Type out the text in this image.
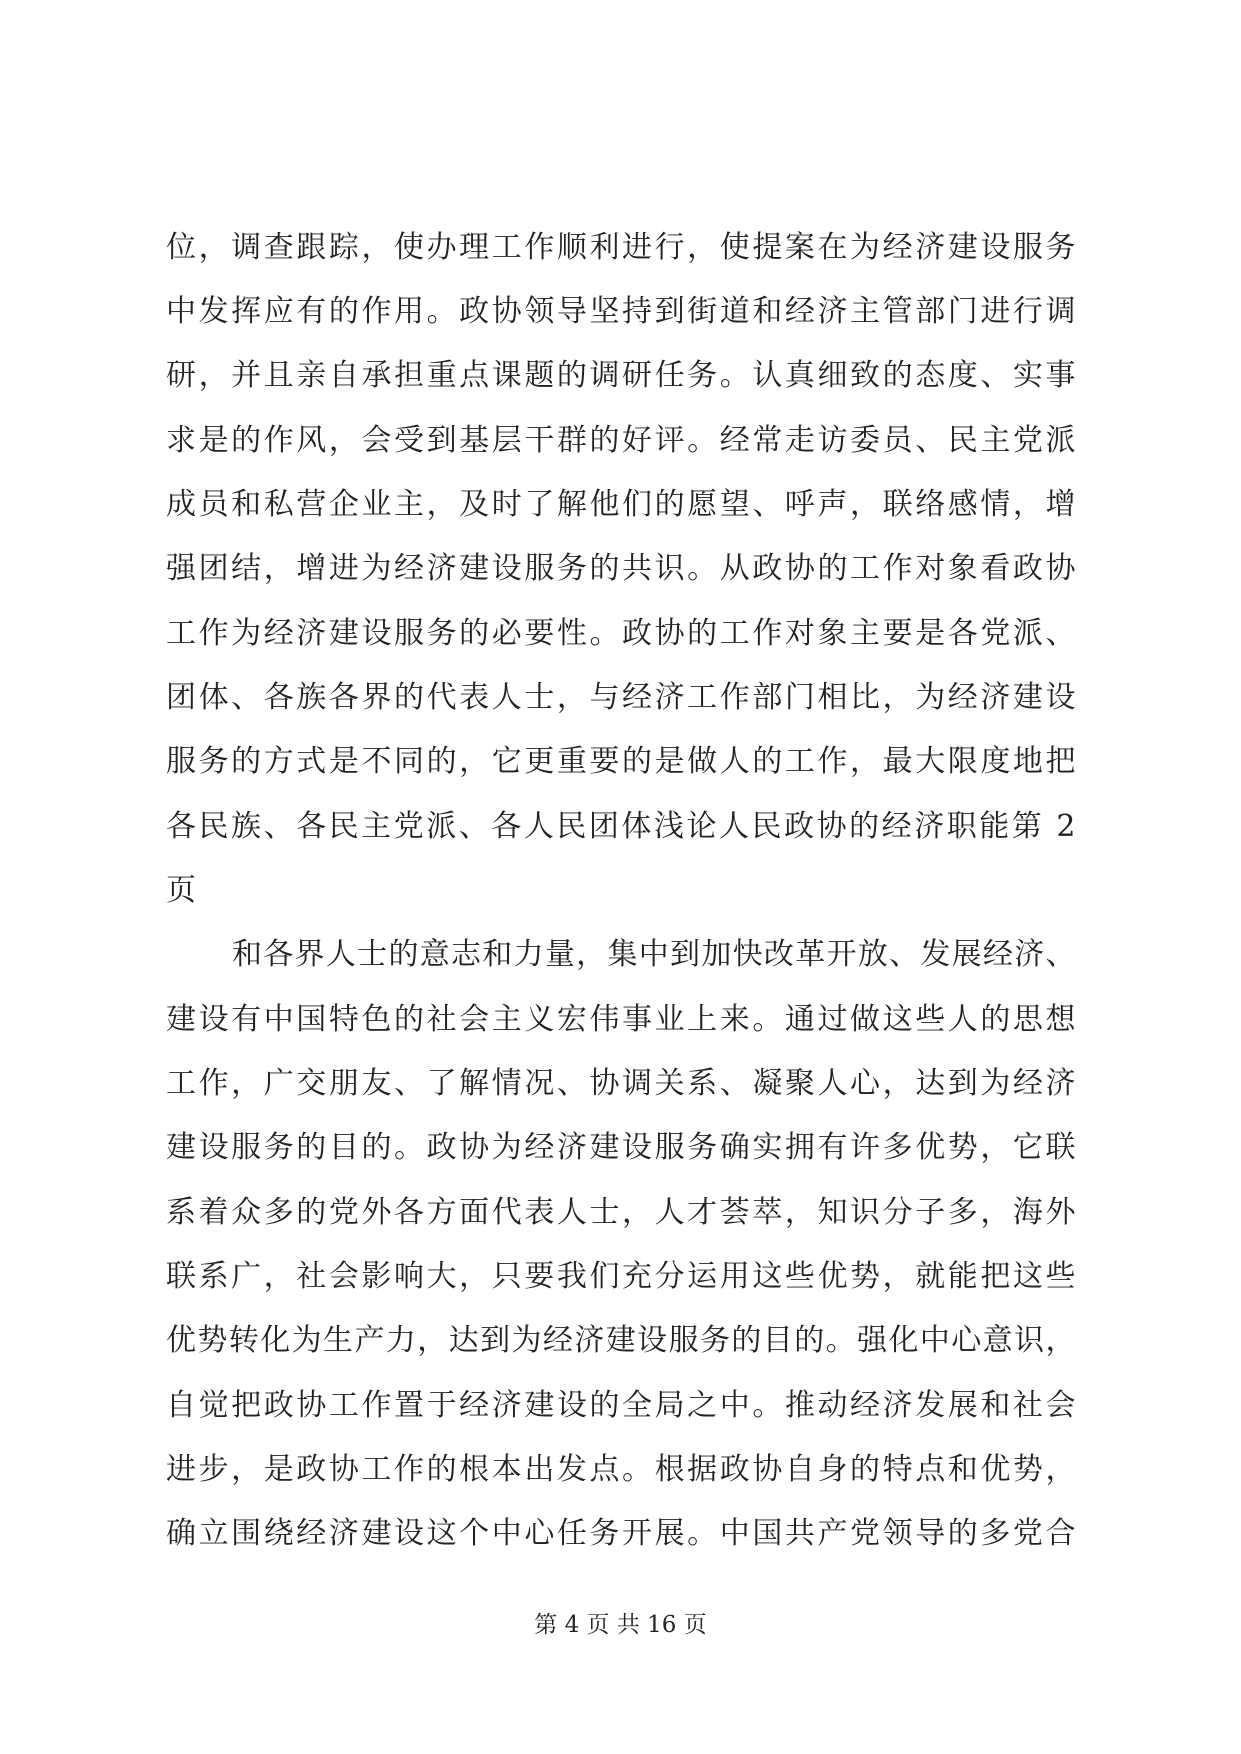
位，调查跟踪，使办理工作顺利进行，使提案在为经济建设服务
中发挥应有的作用。政协领导坚持到街道和经济主管部门进行调
研，并且亲自承担重点课题的调研任务。认真细致的态度、实事
求是的作风，会受到基层干群的好评。经常走访委员、民主党派
成员和私营企业主，及时了解他们的愿望、呼声，联络感情，增
强团结，增进为经济建设服务的共识。从政协的工作对象看政协
工作为经济建设服务的必要性。政协的工作对象主要是各党派、
团体、各族各界的代表人士，与经济工作部门相比，为经济建设
服务的方式是不同的，它更重要的是做人的工作，最大限度地把
各民族、各民主党派、各人民团体浅论人民政协的经济职能第 2
页
和各界人士的意志和力量，集中到加快改革开放、发展经济、
建设有中国特色的社会主义宏伟事业上来。通过做这些人的思想
工作，广交朋友、了解情况、协调关系、凝聚人心，达到为经济
建设服务的目的。政协为经济建设服务确实拥有许多优势，它联
系着众多的党外各方面代表人士，人才荟萃，知识分子多，海外
联系广，社会影响大，只要我们充分运用这些优势，就能把这些
优势转化为生产力，达到为经济建设服务的目的。强化中心意识，
自觉把政协工作置于经济建设的全局之中。推动经济发展和社会
进步，是政协工作的根本出发点。根据政协自身的特点和优势，
确立围绕经济建设这个中心任务开展。中国共产党领导的多党合
第 4 页 共 16 页
